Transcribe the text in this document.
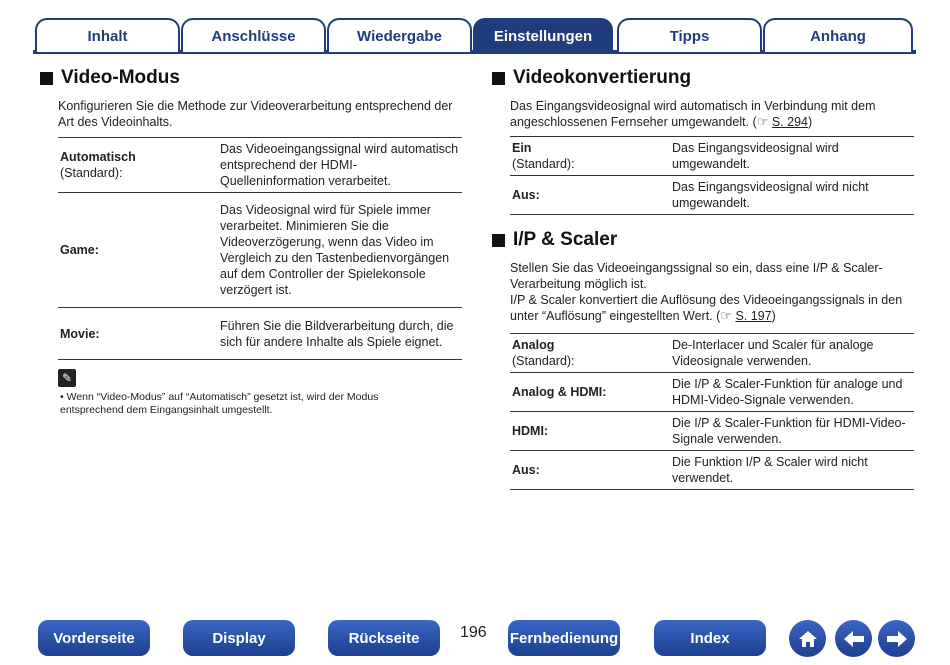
Inhalt	Anschlüsse	Wiedergabe	Einstellungen	Tipps	Anhang
Video-Modus
Konfigurieren Sie die Methode zur Videoverarbeitung entsprechend der Art des Videoinhalts.
Automatisch
(Standard):	Das Videoeingangssignal wird automatisch entsprechend der HDMI-Quelleninformation verarbeitet.
Game:	Das Videosignal wird für Spiele immer verarbeitet. Minimieren Sie die Videoverzögerung, wenn das Video im Vergleich zu den Tastenbedienvorgängen auf dem Controller der Spielekonsole verzögert ist.
Movie:	Führen Sie die Bildverarbeitung durch, die sich für andere Inhalte als Spiele eignet.
✎
• Wenn “Video-Modus” auf “Automatisch” gesetzt ist, wird der Modus entsprechend dem Eingangsinhalt umgestellt.
Videokonvertierung
Das Eingangsvideosignal wird automatisch in Verbindung mit dem angeschlossenen Fernseher umgewandelt. (☞ S. 294)
Ein
(Standard):	Das Eingangsvideosignal wird umgewandelt.
Aus:	Das Eingangsvideosignal wird nicht umgewandelt.
I/P & Scaler
Stellen Sie das Videoeingangssignal so ein, dass eine I/P & Scaler-Verarbeitung möglich ist.
I/P & Scaler konvertiert die Auflösung des Videoeingangssignals in den unter “Auflösung” eingestellten Wert. (☞ S. 197)
Analog
(Standard):	De-Interlacer und Scaler für analoge Videosignale verwenden.
Analog & HDMI:	Die I/P & Scaler-Funktion für analoge und HDMI-Video-Signale verwenden.
HDMI:	Die I/P & Scaler-Funktion für HDMI-Video-Signale verwenden.
Aus:	Die Funktion I/P & Scaler wird nicht verwendet.
Vorderseite	Display	Rückseite	196 Fernbedienung	Index
